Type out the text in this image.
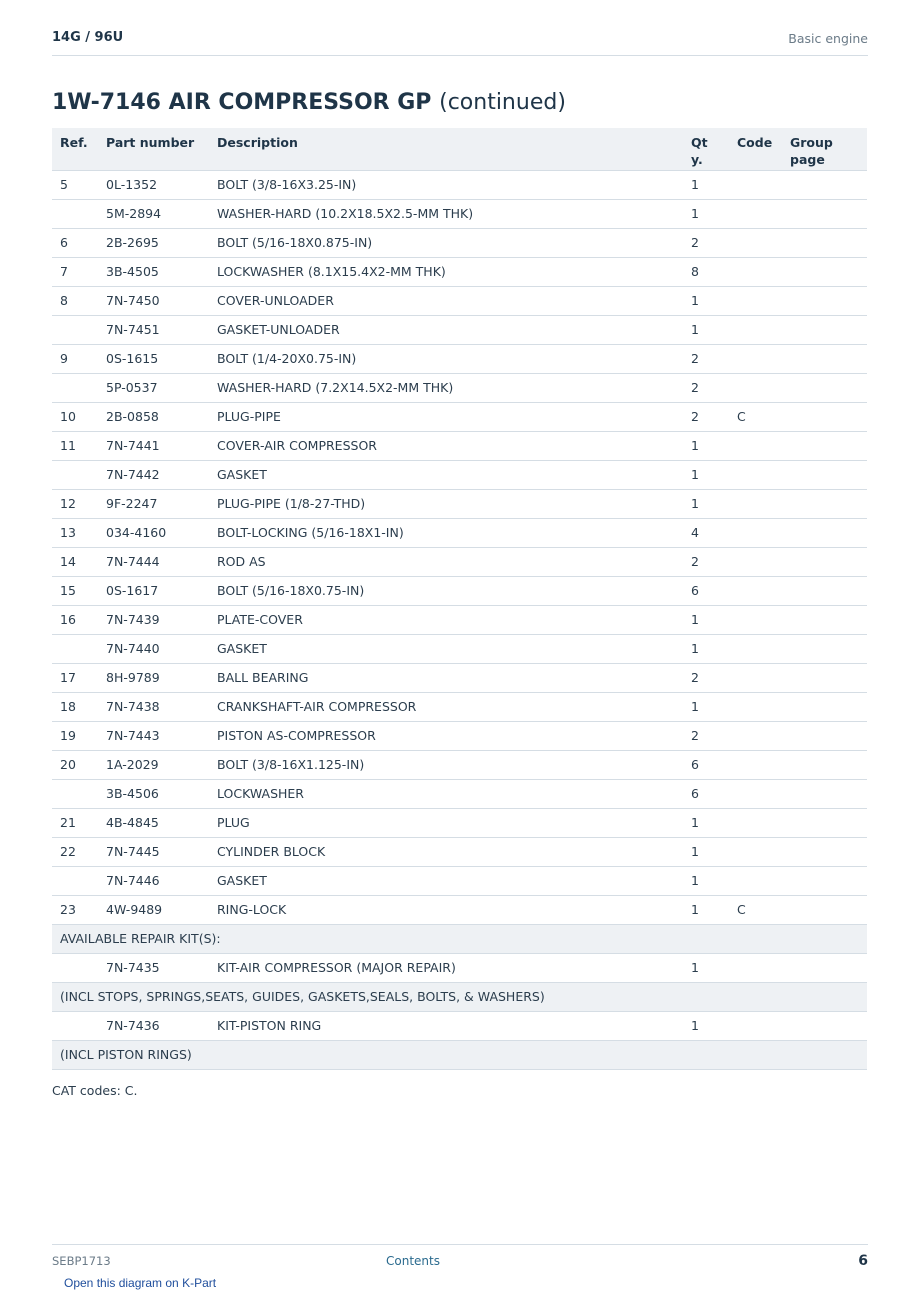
14G / 96U	Basic engine
1W-7146 AIR COMPRESSOR GP (continued)
Ref.	Part number	Description	Qty.	Code	Group page
5	0L-1352	BOLT (3/8-16X3.25-IN)	1		
	5M-2894	WASHER-HARD (10.2X18.5X2.5-MM THK)	1		
6	2B-2695	BOLT (5/16-18X0.875-IN)	2		
7	3B-4505	LOCKWASHER (8.1X15.4X2-MM THK)	8		
8	7N-7450	COVER-UNLOADER	1		
	7N-7451	GASKET-UNLOADER	1		
9	0S-1615	BOLT (1/4-20X0.75-IN)	2		
	5P-0537	WASHER-HARD (7.2X14.5X2-MM THK)	2		
10	2B-0858	PLUG-PIPE	2	C	
11	7N-7441	COVER-AIR COMPRESSOR	1		
	7N-7442	GASKET	1		
12	9F-2247	PLUG-PIPE (1/8-27-THD)	1		
13	034-4160	BOLT-LOCKING (5/16-18X1-IN)	4		
14	7N-7444	ROD AS	2		
15	0S-1617	BOLT (5/16-18X0.75-IN)	6		
16	7N-7439	PLATE-COVER	1		
	7N-7440	GASKET	1		
17	8H-9789	BALL BEARING	2		
18	7N-7438	CRANKSHAFT-AIR COMPRESSOR	1		
19	7N-7443	PISTON AS-COMPRESSOR	2		
20	1A-2029	BOLT (3/8-16X1.125-IN)	6		
	3B-4506	LOCKWASHER	6		
21	4B-4845	PLUG	1		
22	7N-7445	CYLINDER BLOCK	1		
	7N-7446	GASKET	1		
23	4W-9489	RING-LOCK	1	C	
AVAILABLE REPAIR KIT(S):					
	7N-7435	KIT-AIR COMPRESSOR (MAJOR REPAIR)	1		
(INCL STOPS, SPRINGS,SEATS, GUIDES, GASKETS,SEALS, BOLTS, & WASHERS)					
	7N-7436	KIT-PISTON RING	1		
(INCL PISTON RINGS)					
CAT codes: C.
SEBP1713	Contents	6
Open this diagram on K-Part
